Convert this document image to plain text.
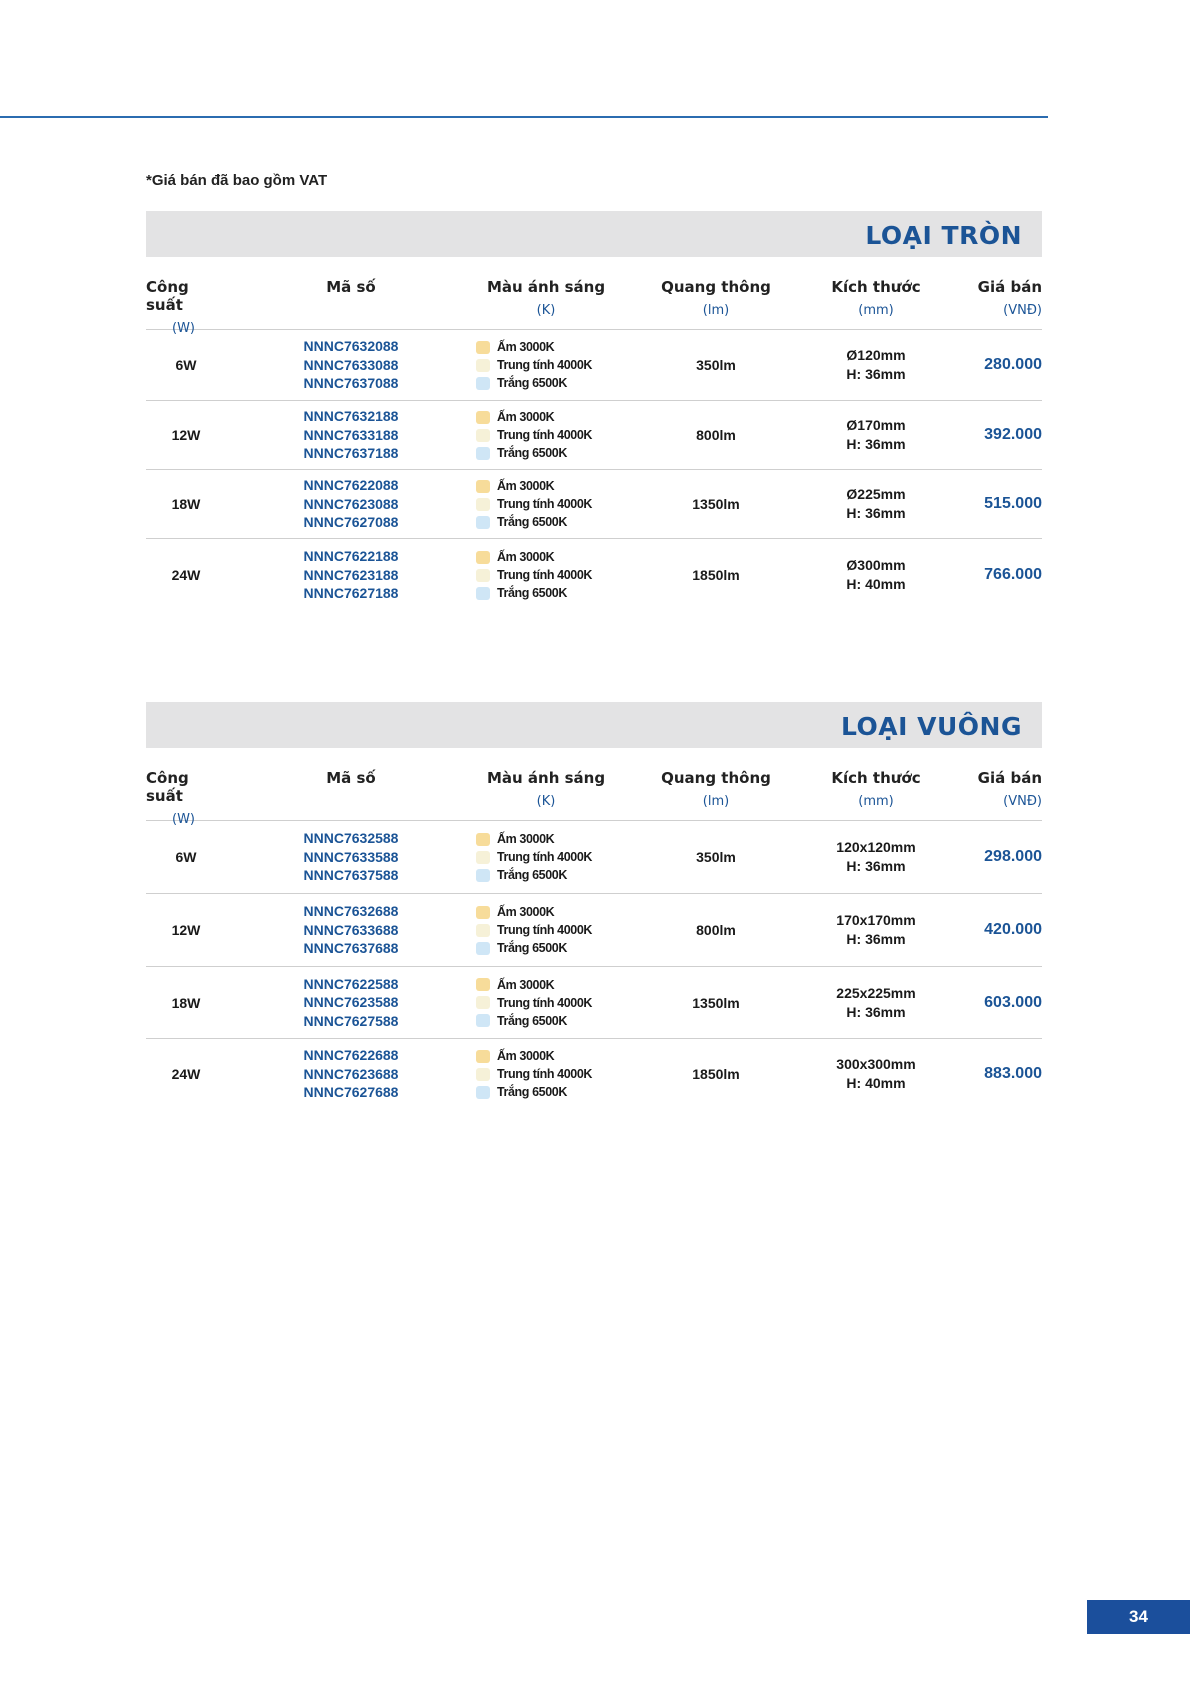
*Giá bán đã bao gồm VAT
LOẠI TRÒN
Công suất
(W)
Mã số	Màu ánh sáng
(K)
Quang thông
(lm)
Kích thước
(mm)
Giá bán
(VNĐ)
6W
NNNC7632088
NNNC7633088
NNNC7637088
Ấm 3000K
Trung tính 4000K
Trắng 6500K
350lm
Ø120mm
H: 36mm
280.000
12W
NNNC7632188
NNNC7633188
NNNC7637188
Ấm 3000K
Trung tính 4000K
Trắng 6500K
800lm
Ø170mm
H: 36mm
392.000
18W
NNNC7622088
NNNC7623088
NNNC7627088
Ấm 3000K
Trung tính 4000K
Trắng 6500K
1350lm
Ø225mm
H: 36mm
515.000
24W
NNNC7622188
NNNC7623188
NNNC7627188
Ấm 3000K
Trung tính 4000K
Trắng 6500K
1850lm
Ø300mm
H: 40mm
766.000
LOẠI VUÔNG
Công suất
(W)
Mã số	Màu ánh sáng
(K)
Quang thông
(lm)
Kích thước
(mm)
Giá bán
(VNĐ)
6W
NNNC7632588
NNNC7633588
NNNC7637588
Ấm 3000K
Trung tính 4000K
Trắng 6500K
350lm
120x120mm
H: 36mm
298.000
12W
NNNC7632688
NNNC7633688
NNNC7637688
Ấm 3000K
Trung tính 4000K
Trắng 6500K
800lm
170x170mm
H: 36mm
420.000
18W
NNNC7622588
NNNC7623588
NNNC7627588
Ấm 3000K
Trung tính 4000K
Trắng 6500K
1350lm
225x225mm
H: 36mm
603.000
24W
NNNC7622688
NNNC7623688
NNNC7627688
Ấm 3000K
Trung tính 4000K
Trắng 6500K
1850lm
300x300mm
H: 40mm
883.000
34
